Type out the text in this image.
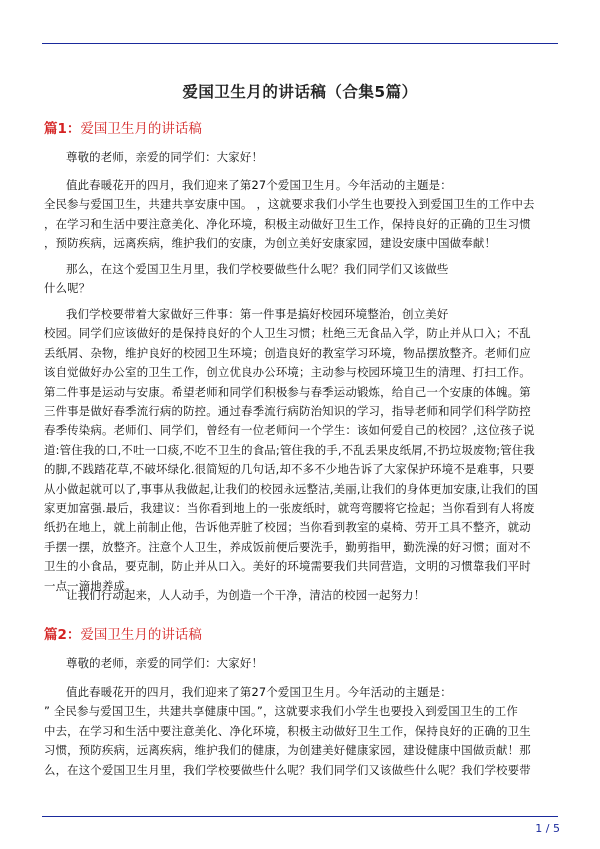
爱国卫生月的讲话稿（合集5篇）
篇1：爱国卫生月的讲话稿
尊敬的老师，亲爱的同学们：大家好！
值此春暖花开的四月，我们迎来了第27个爱国卫生月。今年活动的主题是：
全民参与爱国卫生，共建共享安康中国。 ，这就要求我们小学生也要投入到爱国卫生的工作中去
，在学习和生活中要注意美化、净化环境，积极主动做好卫生工作，保持良好的正确的卫生习惯
，预防疾病，远离疾病，维护我们的安康，为创立美好安康家园，建设安康中国做奉献！
那么，在这个爱国卫生月里，我们学校要做些什么呢？我们同学们又该做些
什么呢？
我们学校要带着大家做好三件事：第一件事是搞好校园环境整治，创立美好
校园。同学们应该做好的是保持良好的个人卫生习惯；杜绝三无食品入学，防止并从口入；不乱
丢纸屑、杂物，维护良好的校园卫生环境；创造良好的教室学习环境，物品摆放整齐。老师们应
该自觉做好办公室的卫生工作，创立优良办公环境；主动参与校园环境卫生的清理、打扫工作。
第二件事是运动与安康。希望老师和同学们积极参与春季运动锻炼，给自己一个安康的体魄。第
三件事是做好春季流行病的防控。通过春季流行病防治知识的学习，指导老师和同学们科学防控
春季传染病。老师们、同学们，曾经有一位老师问一个学生：该如何爱自己的校园？,这位孩子说
道:管住我的口,不吐一口痰,不吃不卫生的食品;管住我的手,不乱丢果皮纸屑,不扔垃圾废物;管住我
的脚,不践踏花草,不破坏绿化.很简短的几句话,却不多不少地告诉了大家保护环境不是难事，只要
从小做起就可以了,事事从我做起,让我们的校园永远整洁,美丽,让我们的身体更加安康,让我们的国
家更加富强.最后，我建议：当你看到地上的一张废纸时，就弯弯腰将它捡起；当你看到有人将废
纸扔在地上，就上前制止他，告诉他弄脏了校园；当你看到教室的桌椅、劳开工具不整齐，就动
手摆一摆，放整齐。注意个人卫生，养成饭前便后要洗手，勤剪指甲，勤洗澡的好习惯；面对不
卫生的小食品，要克制，防止并从口入。美好的环境需要我们共同营造，文明的习惯靠我们平时
一点一滴地养成。
让我们行动起来，人人动手，为创造一个干净，清洁的校园一起努力！
篇2：爱国卫生月的讲话稿
尊敬的老师，亲爱的同学们：大家好！
值此春暖花开的四月，我们迎来了第27个爱国卫生月。今年活动的主题是：
” 全民参与爱国卫生，共建共享健康中国。”，这就要求我们小学生也要投入到爱国卫生的工作
中去，在学习和生活中要注意美化、净化环境，积极主动做好卫生工作，保持良好的正确的卫生
习惯，预防疾病，远离疾病，维护我们的健康，为创建美好健康家园，建设健康中国做贡献！那
么，在这个爱国卫生月里，我们学校要做些什么呢？我们同学们又该做些什么呢？我们学校要带
1 / 5
